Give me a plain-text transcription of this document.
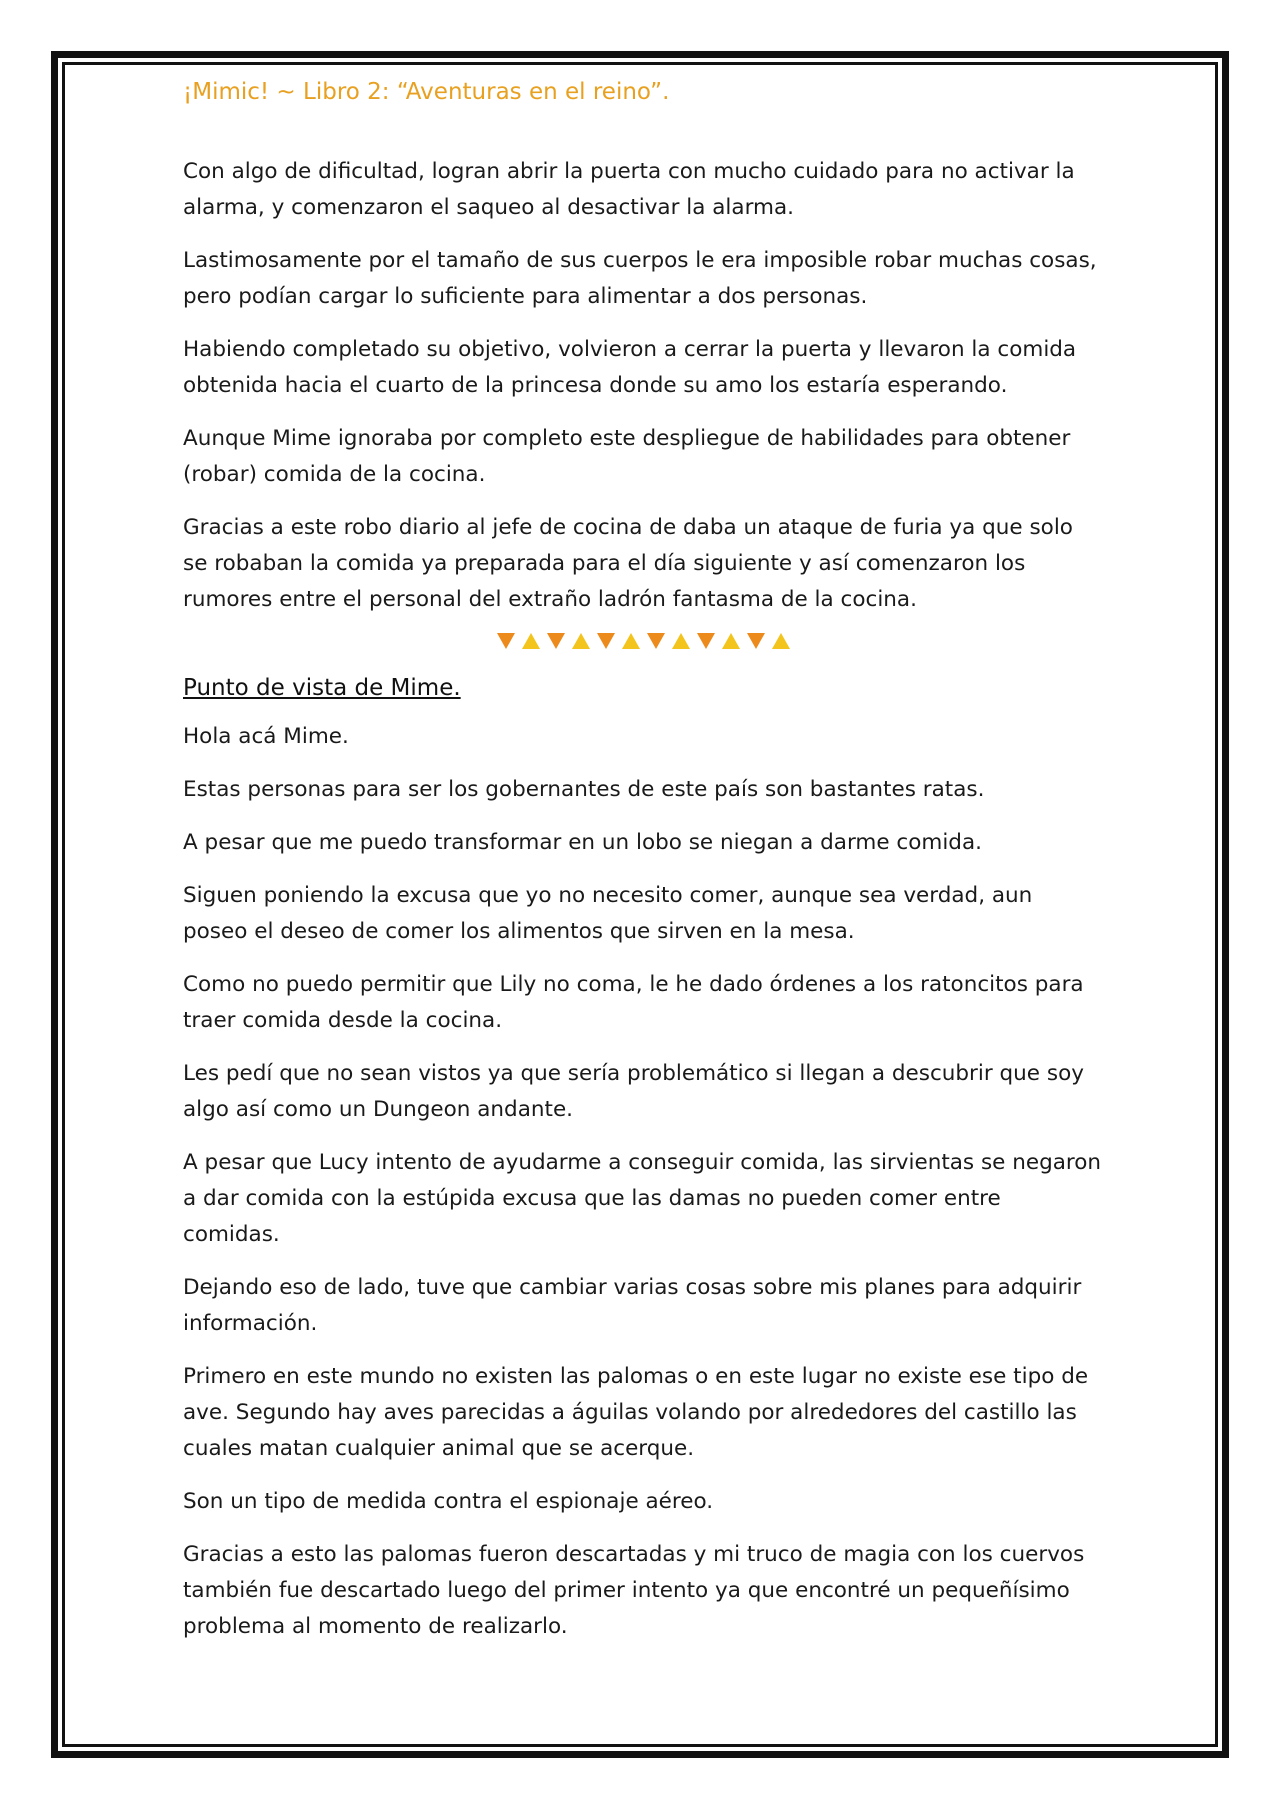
¡Mimic! ~ Libro 2: “Aventuras en el reino”.

Con algo de dificultad, logran abrir la puerta con mucho cuidado para no activar la alarma, y comenzaron el saqueo al desactivar la alarma.

Lastimosamente por el tamaño de sus cuerpos le era imposible robar muchas cosas, pero podían cargar lo suficiente para alimentar a dos personas.

Habiendo completado su objetivo, volvieron a cerrar la puerta y llevaron la comida obtenida hacia el cuarto de la princesa donde su amo los estaría esperando.

Aunque Mime ignoraba por completo este despliegue de habilidades para obtener (robar) comida de la cocina.

Gracias a este robo diario al jefe de cocina de daba un ataque de furia ya que solo se robaban la comida ya preparada para el día siguiente y así comenzaron los rumores entre el personal del extraño ladrón fantasma de la cocina.

Punto de vista de Mime.

Hola acá Mime.

Estas personas para ser los gobernantes de este país son bastantes ratas.

A pesar que me puedo transformar en un lobo se niegan a darme comida.

Siguen poniendo la excusa que yo no necesito comer, aunque sea verdad, aun poseo el deseo de comer los alimentos que sirven en la mesa.

Como no puedo permitir que Lily no coma, le he dado órdenes a los ratoncitos para traer comida desde la cocina.

Les pedí que no sean vistos ya que sería problemático si llegan a descubrir que soy algo así como un Dungeon andante.

A pesar que Lucy intento de ayudarme a conseguir comida, las sirvientas se negaron a dar comida con la estúpida excusa que las damas no pueden comer entre comidas.

Dejando eso de lado, tuve que cambiar varias cosas sobre mis planes para adquirir información.

Primero en este mundo no existen las palomas o en este lugar no existe ese tipo de ave. Segundo hay aves parecidas a águilas volando por alrededores del castillo las cuales matan cualquier animal que se acerque.

Son un tipo de medida contra el espionaje aéreo.

Gracias a esto las palomas fueron descartadas y mi truco de magia con los cuervos también fue descartado luego del primer intento ya que encontré un pequeñísimo problema al momento de realizarlo.
